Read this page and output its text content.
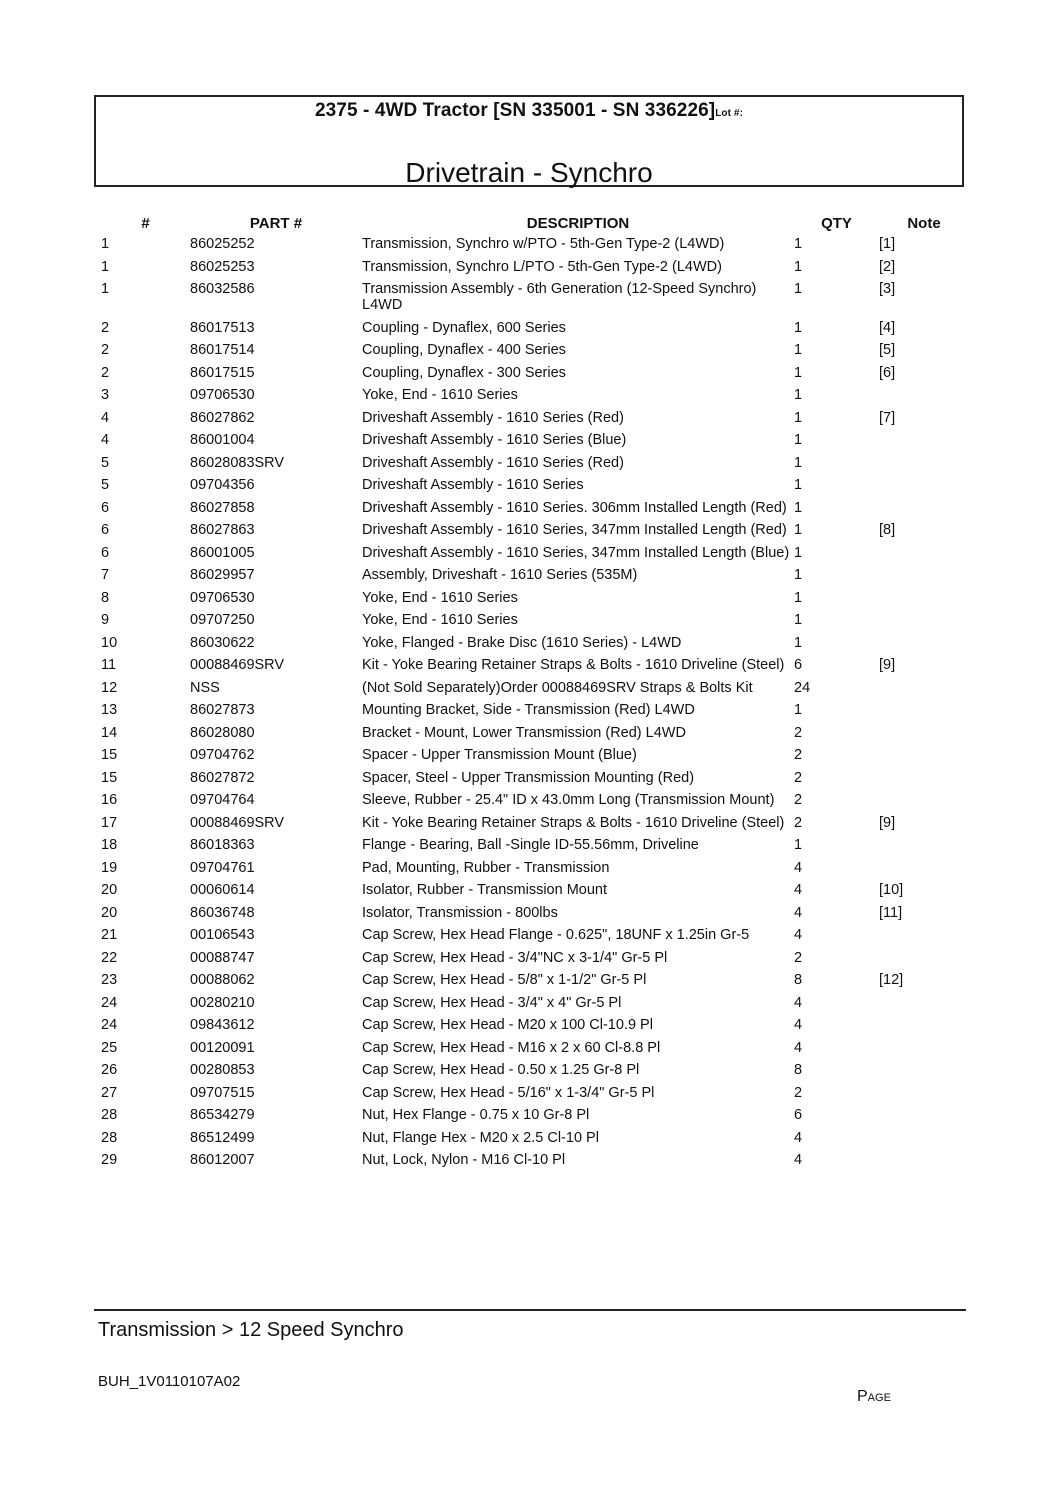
2375 - 4WD Tractor [SN 335001 - SN 336226]Lot #:
Drivetrain - Synchro
#	PART #	DESCRIPTION	QTY	Note
1	86025252	Transmission, Synchro w/PTO - 5th-Gen Type-2 (L4WD)	1	[1]
1	86025253	Transmission, Synchro L/PTO - 5th-Gen Type-2 (L4WD)	1	[2]
1	86032586	Transmission Assembly - 6th Generation (12-Speed Synchro) L4WD	1	[3]
2	86017513	Coupling - Dynaflex, 600 Series	1	[4]
2	86017514	Coupling, Dynaflex - 400 Series	1	[5]
2	86017515	Coupling, Dynaflex - 300 Series	1	[6]
3	09706530	Yoke, End - 1610 Series	1	
4	86027862	Driveshaft Assembly - 1610 Series (Red)	1	[7]
4	86001004	Driveshaft Assembly - 1610 Series (Blue)	1	
5	86028083SRV	Driveshaft Assembly - 1610 Series (Red)	1	
5	09704356	Driveshaft Assembly - 1610 Series	1	
6	86027858	Driveshaft Assembly - 1610 Series. 306mm Installed Length (Red)	1	
6	86027863	Driveshaft Assembly - 1610 Series, 347mm Installed Length (Red)	1	[8]
6	86001005	Driveshaft Assembly - 1610 Series, 347mm Installed Length (Blue)	1	
7	86029957	Assembly, Driveshaft - 1610 Series (535M)	1	
8	09706530	Yoke, End - 1610 Series	1	
9	09707250	Yoke, End - 1610 Series	1	
10	86030622	Yoke, Flanged - Brake Disc (1610 Series) - L4WD	1	
11	00088469SRV	Kit - Yoke Bearing Retainer Straps & Bolts - 1610 Driveline (Steel)	6	[9]
12	NSS	(Not Sold Separately)Order 00088469SRV Straps & Bolts Kit	24	
13	86027873	Mounting Bracket, Side - Transmission (Red) L4WD	1	
14	86028080	Bracket - Mount, Lower Transmission (Red) L4WD	2	
15	09704762	Spacer - Upper Transmission Mount (Blue)	2	
15	86027872	Spacer, Steel - Upper Transmission Mounting (Red)	2	
16	09704764	Sleeve, Rubber - 25.4" ID x 43.0mm Long (Transmission Mount)	2	
17	00088469SRV	Kit - Yoke Bearing Retainer Straps & Bolts - 1610 Driveline (Steel)	2	[9]
18	86018363	Flange - Bearing, Ball -Single ID-55.56mm, Driveline	1	
19	09704761	Pad, Mounting, Rubber - Transmission	4	
20	00060614	Isolator, Rubber - Transmission Mount	4	[10]
20	86036748	Isolator, Transmission - 800lbs	4	[11]
21	00106543	Cap Screw, Hex Head Flange - 0.625", 18UNF x 1.25in Gr-5	4	
22	00088747	Cap Screw, Hex Head - 3/4"NC x 3-1/4" Gr-5 Pl	2	
23	00088062	Cap Screw, Hex Head - 5/8" x 1-1/2" Gr-5 Pl	8	[12]
24	00280210	Cap Screw, Hex Head - 3/4" x 4" Gr-5 Pl	4	
24	09843612	Cap Screw, Hex Head - M20 x 100 Cl-10.9 Pl	4	
25	00120091	Cap Screw, Hex Head - M16 x 2 x 60 Cl-8.8 Pl	4	
26	00280853	Cap Screw, Hex Head - 0.50 x 1.25 Gr-8 Pl	8	
27	09707515	Cap Screw, Hex Head - 5/16" x 1-3/4" Gr-5 Pl	2	
28	86534279	Nut, Hex Flange - 0.75 x 10 Gr-8 Pl	6	
28	86512499	Nut, Flange Hex - M20 x 2.5 Cl-10 Pl	4	
29	86012007	Nut, Lock, Nylon - M16 Cl-10 Pl	4	
Transmission > 12 Speed Synchro
BUH_1V0110107A02
Page
